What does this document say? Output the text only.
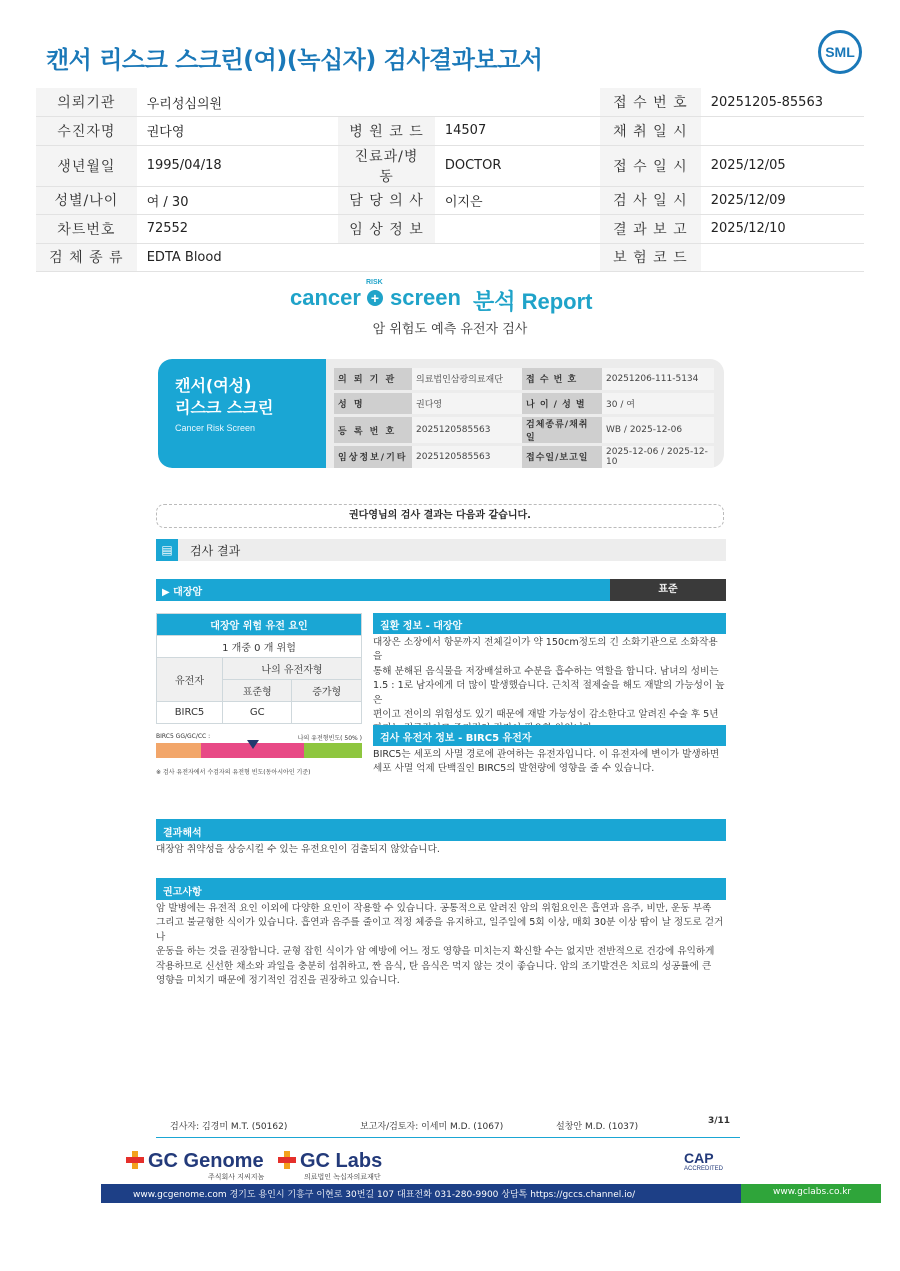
캔서 리스크 스크린(여)(녹십자) 검사결과보고서	SML
의뢰기관	우리성심의원			접 수 번 호	20251205-85563
수진자명	권다영	병 원 코 드	14507	채 취 일 시	
생년월일	1995/04/18	진료과/병동	DOCTOR	접 수 일 시	2025/12/05
성별/나이	여 / 30	담 당 의 사	이지은	검 사 일 시	2025/12/09
차트번호	72552	임 상 정 보		결 과 보 고	2025/12/10
검 체 종 류	EDTA Blood			보 험 코 드	
cancer
RISK
+ screen 분석 Report
암 위험도 예측 유전자 검사
캔서(여성)
리스크 스크린
Cancer Risk Screen
의 뢰 기 관	의료법인삼광의료재단	접 수 번 호	20251206-111-5134
성 명	권다영	나 이 / 성 별	30 / 여
등 록 번 호	2025120585563	검체종류/채취일	WB / 2025-12-06
임상정보/기타	2025120585563	접수일/보고일	2025-12-06 / 2025-12-10
권다영님의 검사 결과는 다음과 같습니다.
▤	검사 결과
▶ 대장암	표준
대장암 위험 유전 요인		
1 개중 0 개 위험		
유전자	나의 유전자형	
	표준형	증가형
BIRC5	GC	
BIRC5 GG/GC/CC :	나의 유전형빈도( 50% )
※ 검사 유전자에서 수검자의 유전형 빈도(동아시아인 기준)
질환 정보 - 대장암
대장은 소장에서 항문까지 전체길이가 약 150cm정도의 긴 소화기관으로 소화작용을
통해 분해된 음식물을 저장배설하고 수분을 흡수하는 역할을 합니다. 남녀의 성비는
1.5 : 1로 남자에게 더 많이 발생했습니다. 근치적 절제술을 해도 재발의 가능성이 높은
편이고 전이의 위험성도 있기 때문에 재발 가능성이 감소한다고 알려진 수술 후 5년
검사 유전자 정보 - BIRC5 유전자
BIRC5는 세포의 사멸 경로에 관여하는 유전자입니다. 이 유전자에 변이가 발생하면
세포 사멸 억제 단백질인 BIRC5의 발현량에 영향을 줄 수 있습니다.
결과해석
대장암 취약성을 상승시킬 수 있는 유전요인이 검출되지 않았습니다.
권고사항
암 발병에는 유전적 요인 이외에 다양한 요인이 작용할 수 있습니다. 공통적으로 알려진 암의 위험요인은 흡연과 음주, 비만, 운동 부족
그리고 불균형한 식이가 있습니다. 흡연과 음주를 줄이고 적정 체중을 유지하고, 일주일에 5회 이상, 매회 30분 이상 땀이 날 정도로 걷거나
운동을 하는 것을 권장합니다. 균형 잡힌 식이가 암 예방에 어느 정도 영향을 미치는지 확신할 수는 없지만 전반적으로 건강에 유익하게
작용하므로 신선한 채소와 과일을 충분히 섭취하고, 짠 음식, 탄 음식은 먹지 않는 것이 좋습니다. 암의 조기발견은 치료의 성공률에 큰
영향을 미치기 때문에 정기적인 검진을 권장하고 있습니다.
검사자: 김경미 M.T. (50162)	보고자/검토자: 이세미 M.D. (1067)	설창안 M.D. (1037)
3/11
GC Genome
주식회사 지씨지놈
GC Labs
의료법인 녹십자의료재단
CAP
ACCREDITED
www.gcgenome.com 경기도 용인시 기흥구 이현로 30번길 107 대표전화 031-280-9900 상담톡 https://gccs.channel.io/	www.gclabs.co.kr
